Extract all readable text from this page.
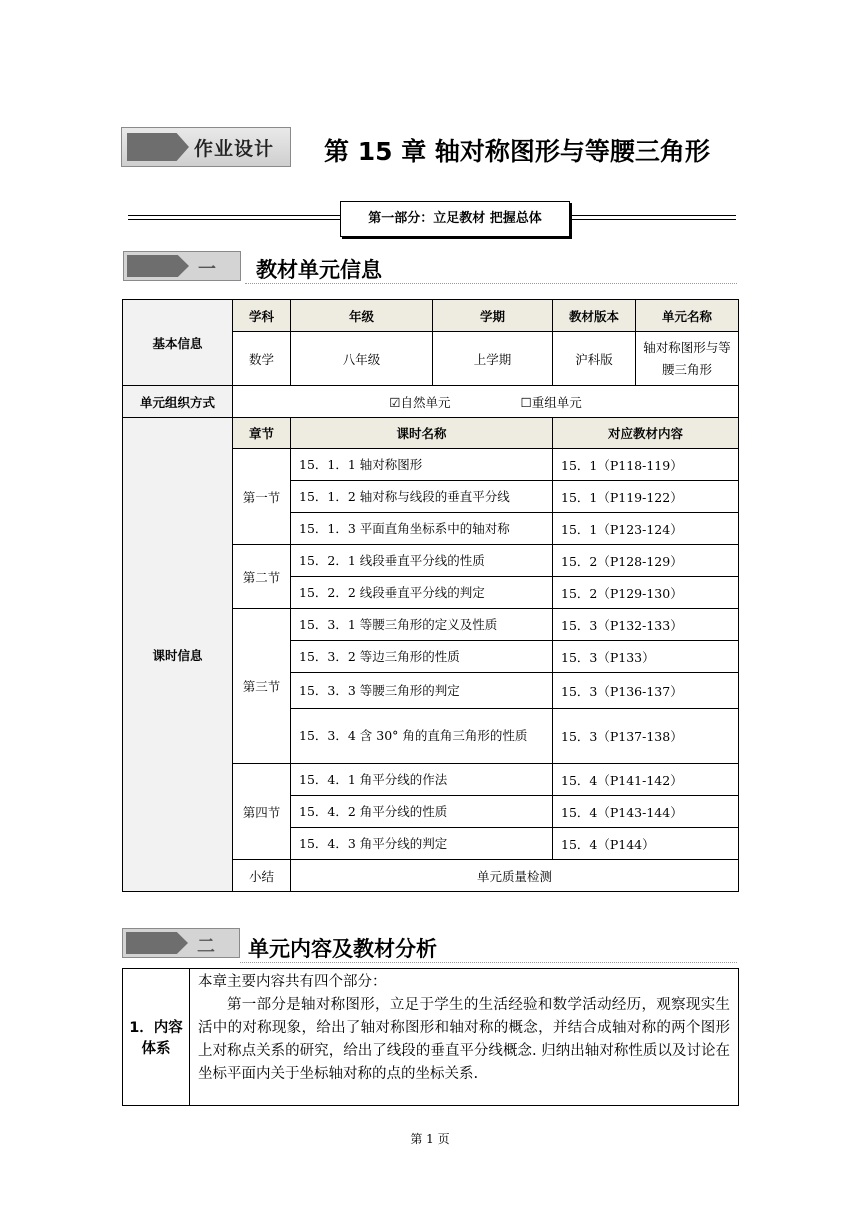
作业设计 第 15 章 轴对称图形与等腰三角形
第一部分：立足教材 把握总体
一 教材单元信息
基本信息	学科	年级	学期	教材版本	单元名称
	数学	八年级	上学期	沪科版	轴对称图形与等腰三角形
单元组织方式	☑自然单元 ☐重组单元				
课时信息	章节	课时名称		对应教材内容	
	第一节	15．1．1 轴对称图形		15．1（P118-119）	
		15．1．2 轴对称与线段的垂直平分线		15．1（P119-122）	
		15．1．3 平面直角坐标系中的轴对称		15．1（P123-124）	
	第二节	15．2．1 线段垂直平分线的性质		15．2（P128-129）	
		15．2．2 线段垂直平分线的判定		15．2（P129-130）	
	第三节	15．3．1 等腰三角形的定义及性质		15．3（P132-133）	
		15．3．2 等边三角形的性质		15．3（P133）	
		15．3．3 等腰三角形的判定		15．3（P136-137）	
		15．3．4 含 30° 角的直角三角形的性质		15．3（P137-138）	
	第四节	15．4．1 角平分线的作法		15．4（P141-142）	
		15．4．2 角平分线的性质		15．4（P143-144）	
		15．4．3 角平分线的判定		15．4（P144）	
	小结	单元质量检测			
二 单元内容及教材分析
1．内容体系	
本章主要内容共有四个部分：
第一部分是轴对称图形，立足于学生的生活经验和数学活动经历，观察现实生活中的对称现象，给出了轴对称图形和轴对称的概念，并结合成轴对称的两个图形上对称点关系的研究，给出了线段的垂直平分线概念. 归纳出轴对称性质以及讨论在坐标平面内关于坐标轴对称的点的坐标关系.
第 1 页
